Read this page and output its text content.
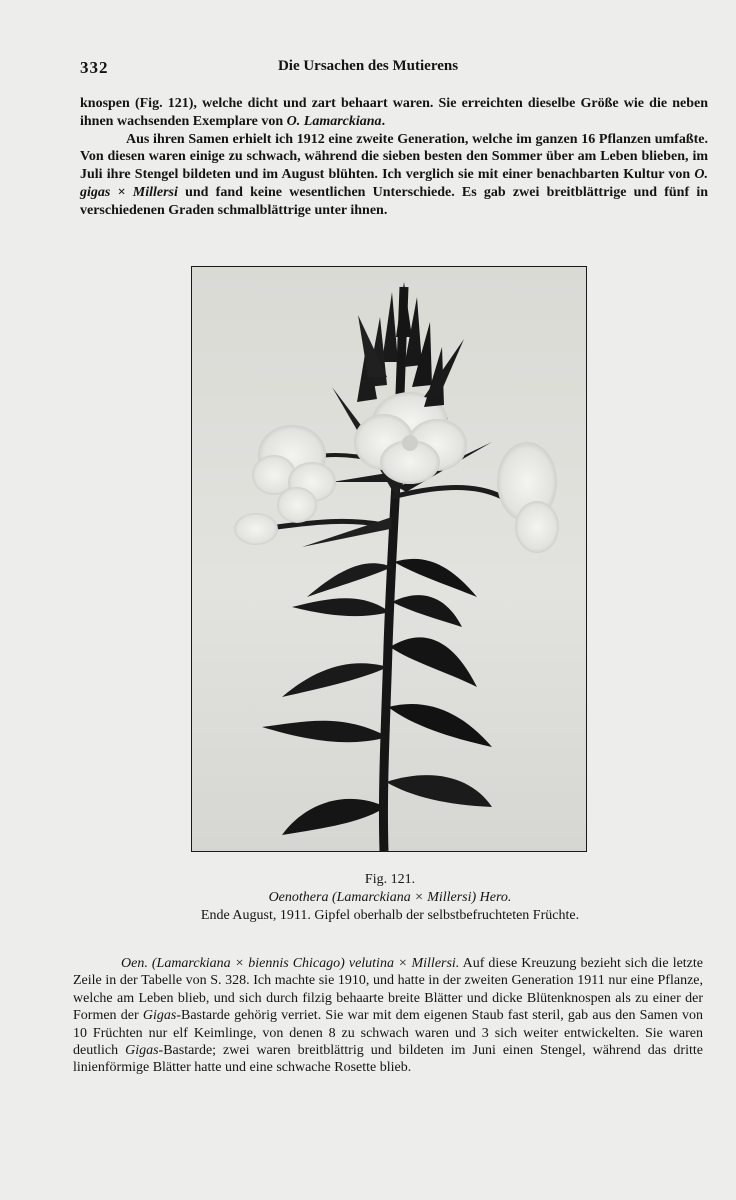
332	Die Ursachen des Mutierens

knospen (Fig. 121), welche dicht und zart behaart waren. Sie erreichten dieselbe Größe wie die neben ihnen wachsenden Exemplare von O. Lamarckiana.

Aus ihren Samen erhielt ich 1912 eine zweite Generation, welche im ganzen 16 Pflanzen umfaßte. Von diesen waren einige zu schwach, während die sieben besten den Sommer über am Leben blieben, im Juli ihre Stengel bildeten und im August blühten. Ich verglich sie mit einer benachbarten Kultur von O. gigas × Millersi und fand keine wesentlichen Unterschiede. Es gab zwei breitblättrige und fünf in verschiedenen Graden schmalblättrige unter ihnen.

Fig. 121.
Oenothera (Lamarckiana × Millersi) Hero.
Ende August, 1911. Gipfel oberhalb der selbstbefruchteten Früchte.

Oen. (Lamarckiana × biennis Chicago) velutina × Millersi. Auf diese Kreuzung bezieht sich die letzte Zeile in der Tabelle von S. 328. Ich machte sie 1910, und hatte in der zweiten Generation 1911 nur eine Pflanze, welche am Leben blieb, und sich durch filzig behaarte breite Blätter und dicke Blütenknospen als zu einer der Formen der Gigas-Bastarde gehörig verriet. Sie war mit dem eigenen Staub fast steril, gab aus den Samen von 10 Früchten nur elf Keimlinge, von denen 8 zu schwach waren und 3 sich weiter entwickelten. Sie waren deutlich Gigas-Bastarde; zwei waren breitblättrig und bildeten im Juni einen Stengel, während das dritte linienförmige Blätter hatte und eine schwache Rosette blieb.
